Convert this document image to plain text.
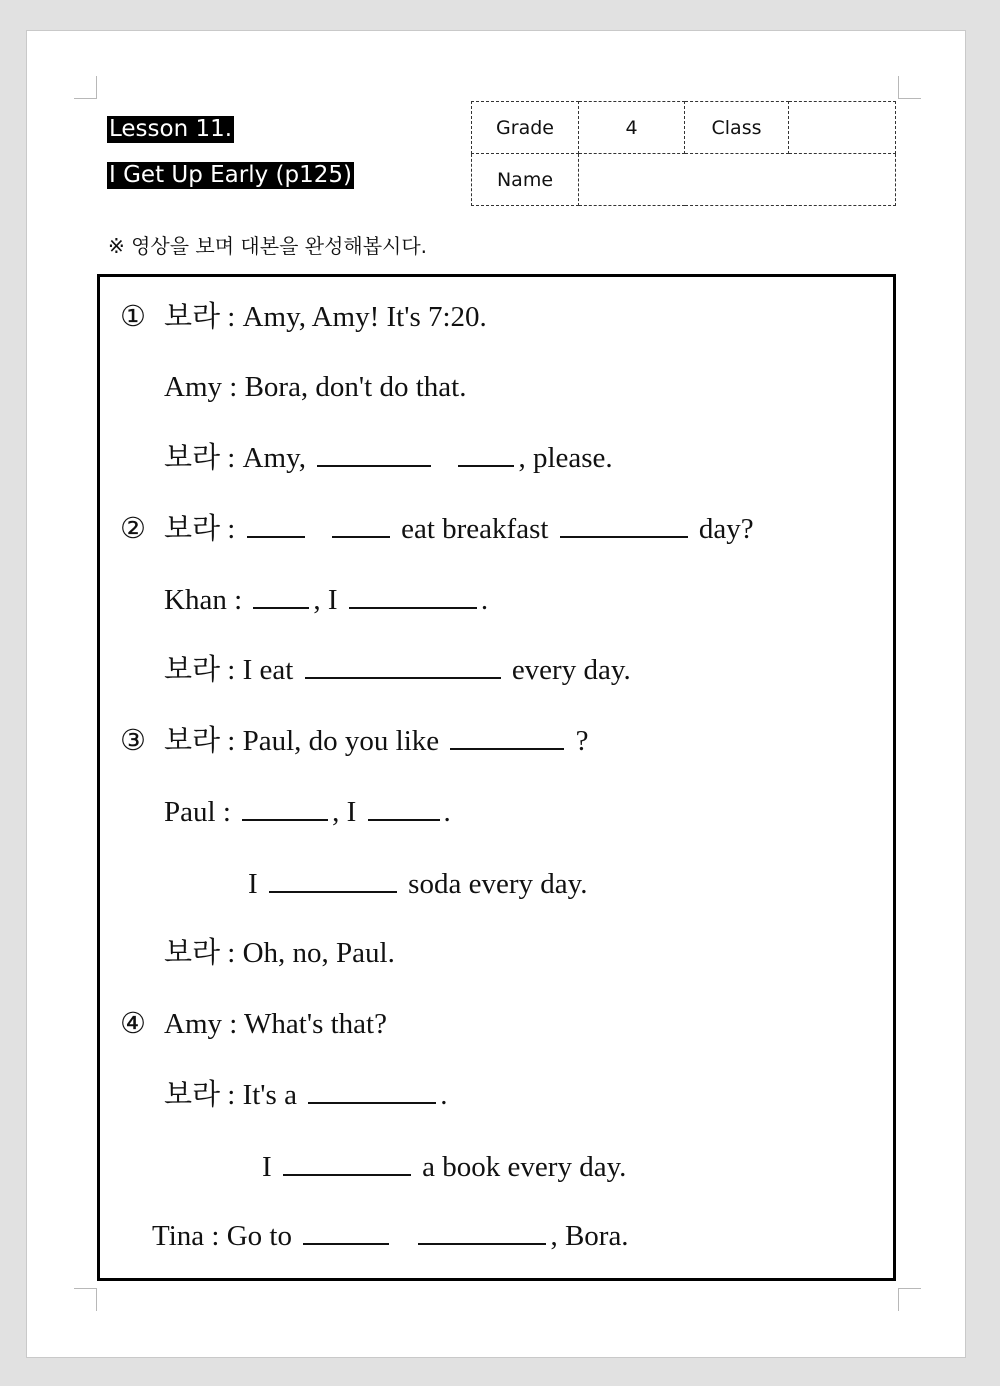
Lesson 11.
I Get Up Early (p125)
Grade	4	Class	
Name			
※ 영상을 보며 대본을 완성해봅시다.
① 보라 : Amy, Amy! It's 7:20.
Amy : Bora, don't do that.
보라 : Amy,	, please.
② 보라 :	eat breakfast	day?
Khan : , I	.
보라 : I eat	every day.
③ 보라 : Paul, do you like	?
Paul :	, I	.
I	soda every day.
보라 : Oh, no, Paul.
④ Amy : What's that?
보라 : It's a	.
I	a book every day.
Tina : Go to	, Bora.
